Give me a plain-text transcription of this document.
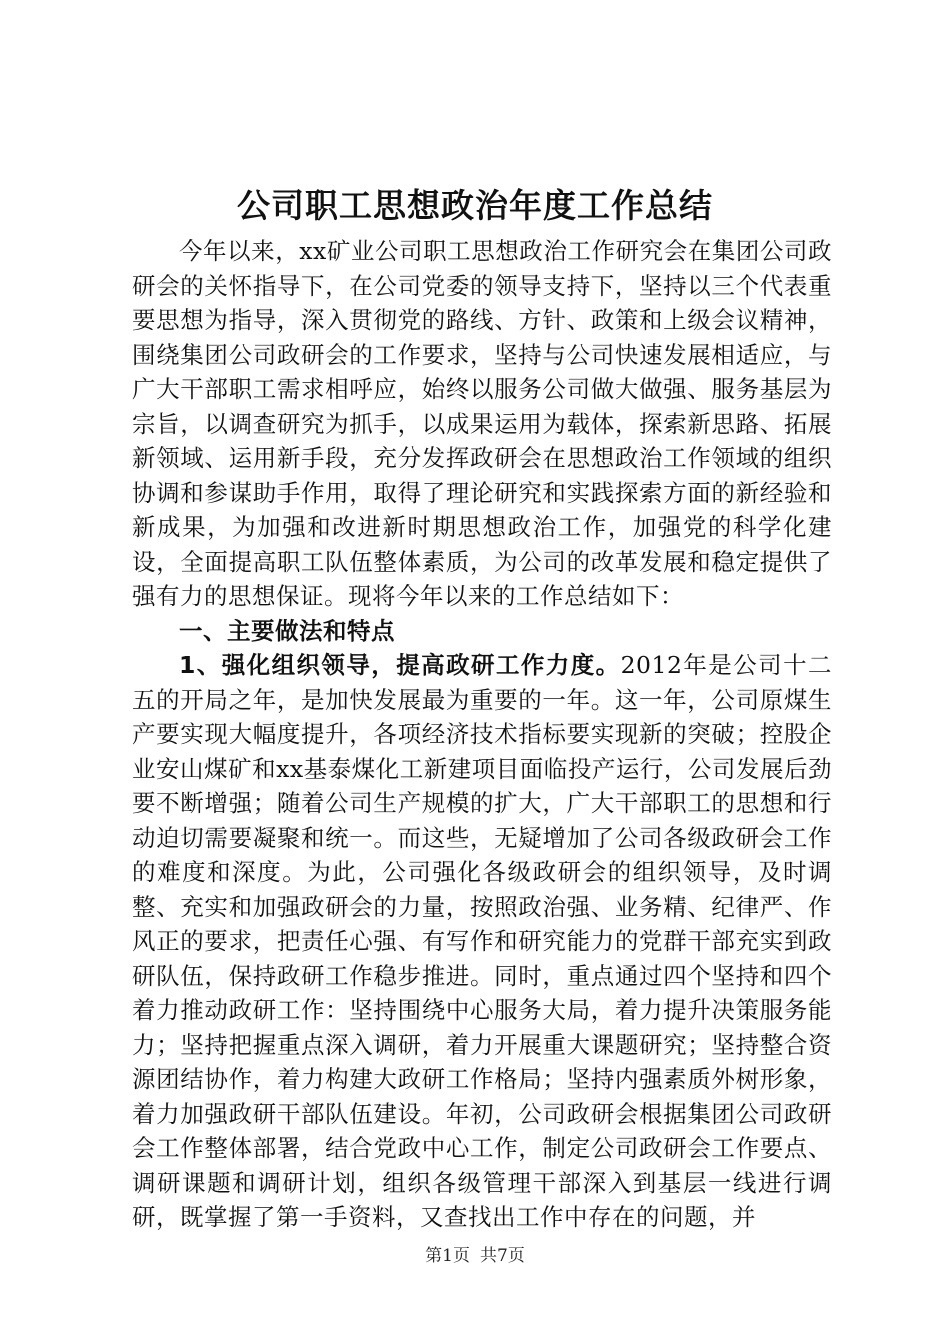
公司职工思想政治年度工作总结

今年以来，xx矿业公司职工思想政治工作研究会在集团公司政研会的关怀指导下，在公司党委的领导支持下，坚持以三个代表重要思想为指导，深入贯彻党的路线、方针、政策和上级会议精神，围绕集团公司政研会的工作要求，坚持与公司快速发展相适应，与广大干部职工需求相呼应，始终以服务公司做大做强、服务基层为宗旨，以调查研究为抓手，以成果运用为载体，探索新思路、拓展新领域、运用新手段，充分发挥政研会在思想政治工作领域的组织协调和参谋助手作用，取得了理论研究和实践探索方面的新经验和新成果，为加强和改进新时期思想政治工作，加强党的科学化建设，全面提高职工队伍整体素质，为公司的改革发展和稳定提供了强有力的思想保证。现将今年以来的工作总结如下：

一、主要做法和特点

1、强化组织领导，提高政研工作力度。2012年是公司十二五的开局之年，是加快发展最为重要的一年。这一年，公司原煤生产要实现大幅度提升，各项经济技术指标要实现新的突破；控股企业安山煤矿和xx基泰煤化工新建项目面临投产运行，公司发展后劲要不断增强；随着公司生产规模的扩大，广大干部职工的思想和行动迫切需要凝聚和统一。而这些，无疑增加了公司各级政研会工作的难度和深度。为此，公司强化各级政研会的组织领导，及时调整、充实和加强政研会的力量，按照政治强、业务精、纪律严、作风正的要求，把责任心强、有写作和研究能力的党群干部充实到政研队伍，保持政研工作稳步推进。同时，重点通过四个坚持和四个着力推动政研工作：坚持围绕中心服务大局，着力提升决策服务能力；坚持把握重点深入调研，着力开展重大课题研究；坚持整合资源团结协作，着力构建大政研工作格局；坚持内强素质外树形象，着力加强政研干部队伍建设。年初，公司政研会根据集团公司政研会工作整体部署，结合党政中心工作，制定公司政研会工作要点、调研课题和调研计划，组织各级管理干部深入到基层一线进行调研，既掌握了第一手资料，又查找出工作中存在的问题，并

第1页 共7页
